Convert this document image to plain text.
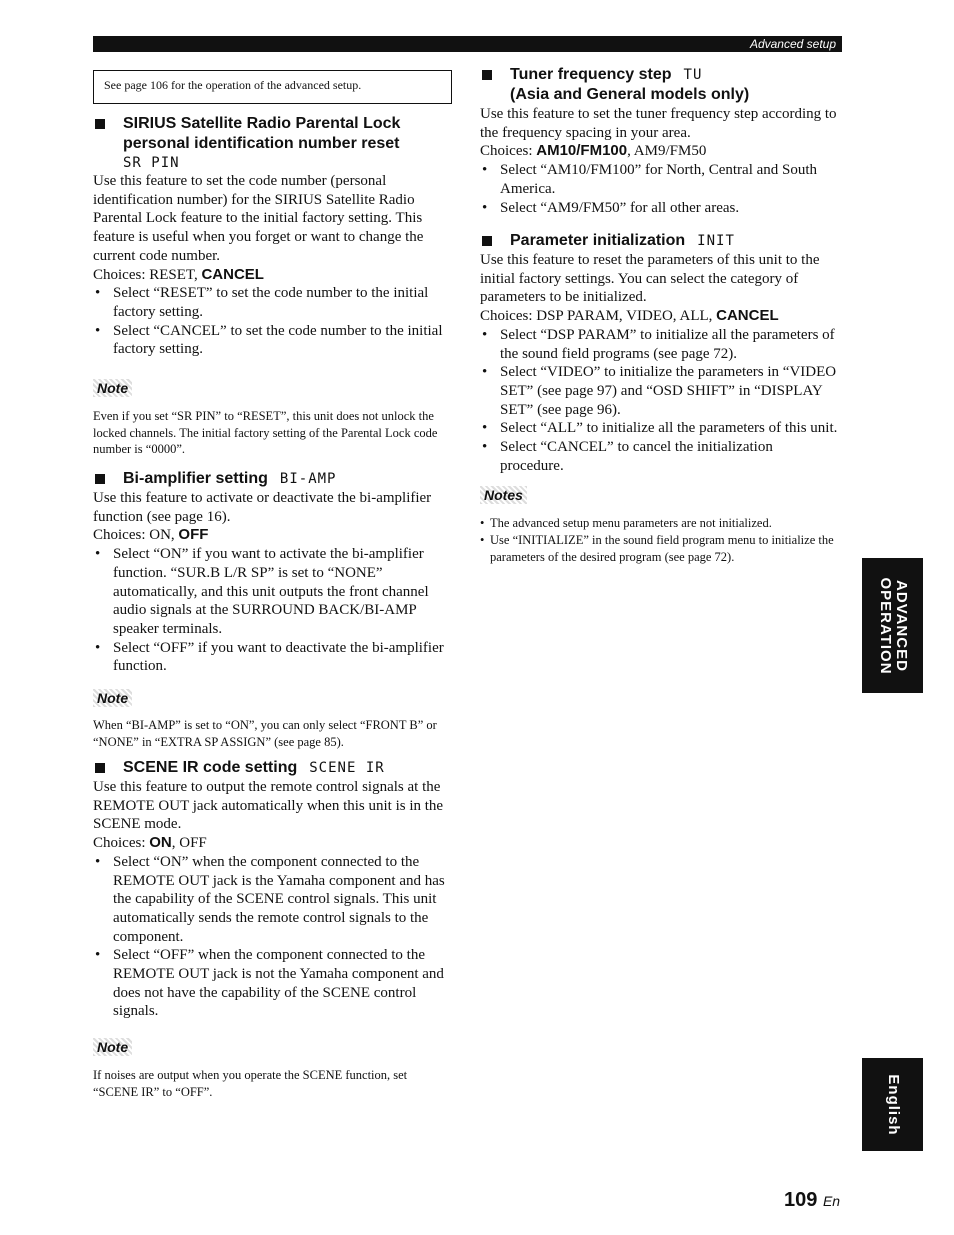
Advanced setup
See page 106 for the operation of the advanced setup.
SIRIUS Satellite Radio Parental Lock
personal identification number reset
SR PIN

Use this feature to set the code number (personal identification number) for the SIRIUS Satellite Radio Parental Lock feature to the initial factory setting. This feature is useful when you forget or want to change the current code number.

Choices: RESET, CANCEL

• Select “RESET” to set the code number to the initial factory setting.
• Select “CANCEL” to set the code number to the initial factory setting.
Note

Even if you set “SR PIN” to “RESET”, this unit does not unlock the locked channels. The initial factory setting of the Parental Lock code number is “0000”.

Bi-amplifier setting BI-AMP

Use this feature to activate or deactivate the bi-amplifier function (see page 16).

Choices: ON, OFF

• Select “ON” if you want to activate the bi-amplifier function. “SUR.B L/R SP” is set to “NONE” automatically, and this unit outputs the front channel audio signals at the SURROUND BACK/BI-AMP speaker terminals.
• Select “OFF” if you want to deactivate the bi-amplifier function.
Note

When “BI-AMP” is set to “ON”, you can only select “FRONT B” or “NONE” in “EXTRA SP ASSIGN” (see page 85).

SCENE IR code setting SCENE IR

Use this feature to output the remote control signals at the REMOTE OUT jack automatically when this unit is in the SCENE mode.

Choices: ON, OFF

• Select “ON” when the component connected to the REMOTE OUT jack is the Yamaha component and has the capability of the SCENE control signals. This unit automatically sends the remote control signals to the component.
• Select “OFF” when the component connected to the REMOTE OUT jack is not the Yamaha component and does not have the capability of the SCENE control signals.
Note

If noises are output when you operate the SCENE function, set “SCENE IR” to “OFF”.

Tuner frequency step TU
(Asia and General models only)

Use this feature to set the tuner frequency step according to the frequency spacing in your area.

Choices: AM10/FM100, AM9/FM50

• Select “AM10/FM100” for North, Central and South America.
• Select “AM9/FM50” for all other areas.
Parameter initialization INIT

Use this feature to reset the parameters of this unit to the initial factory settings. You can select the category of parameters to be initialized.

Choices: DSP PARAM, VIDEO, ALL, CANCEL

• Select “DSP PARAM” to initialize all the parameters of the sound field programs (see page 72).
• Select “VIDEO” to initialize the parameters in “VIDEO SET” (see page 97) and “OSD SHIFT” in “DISPLAY SET” (see page 96).
• Select “ALL” to initialize all the parameters of this unit.
• Select “CANCEL” to cancel the initialization procedure.
Notes
• The advanced setup menu parameters are not initialized.
• Use “INITIALIZE” in the sound field program menu to initialize the parameters of the desired program (see page 72).
ADVANCED
OPERATION
English
109 En
